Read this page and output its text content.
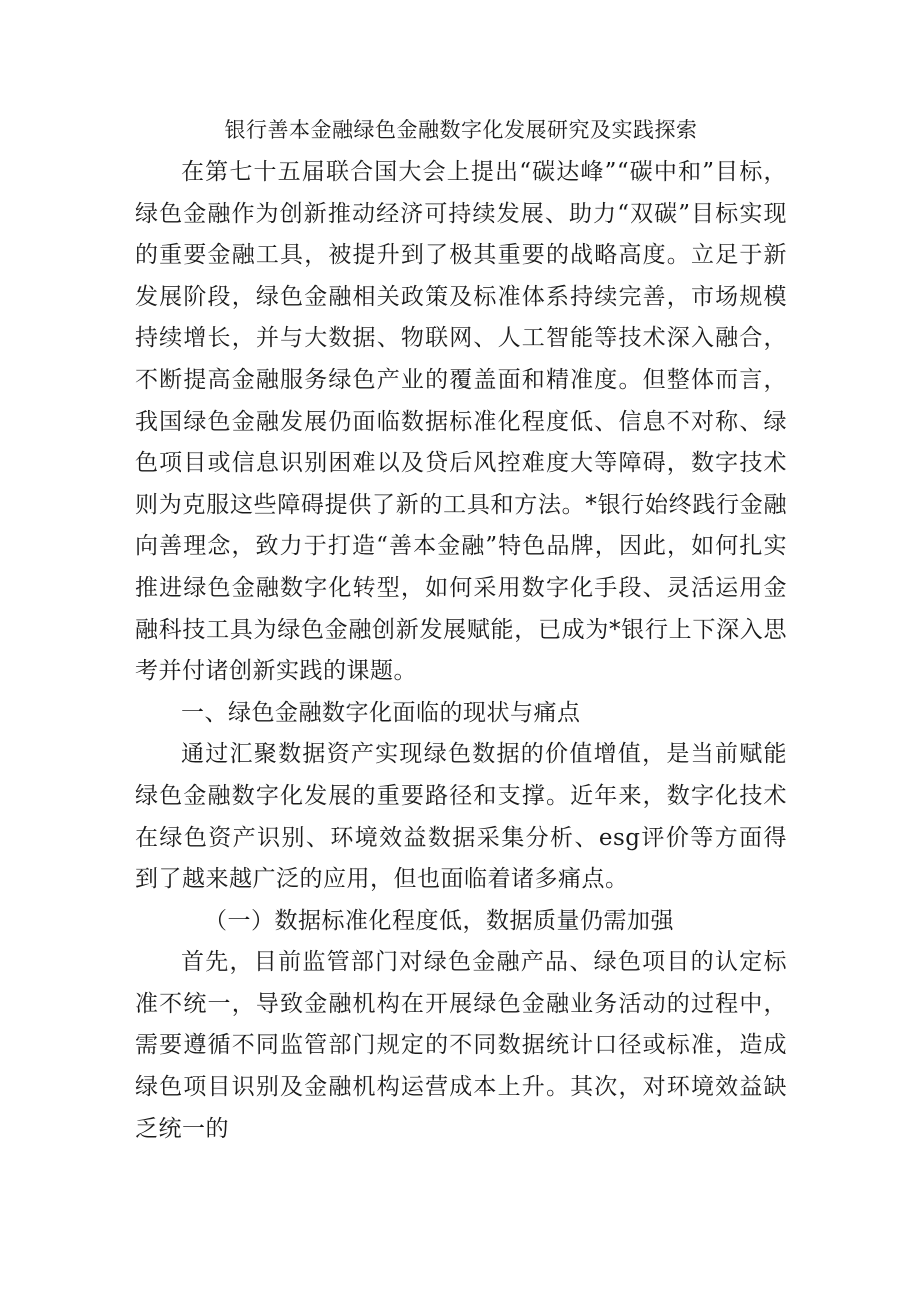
银行善本金融绿色金融数字化发展研究及实践探索

在第七十五届联合国大会上提出“碳达峰”“碳中和”目标，绿色金融作为创新推动经济可持续发展、助力“双碳”目标实现的重要金融工具，被提升到了极其重要的战略高度。立足于新发展阶段，绿色金融相关政策及标准体系持续完善，市场规模持续增长，并与大数据、物联网、人工智能等技术深入融合，不断提高金融服务绿色产业的覆盖面和精准度。但整体而言，我国绿色金融发展仍面临数据标准化程度低、信息不对称、绿色项目或信息识别困难以及贷后风控难度大等障碍，数字技术则为克服这些障碍提供了新的工具和方法。*银行始终践行金融向善理念，致力于打造“善本金融”特色品牌，因此，如何扎实推进绿色金融数字化转型，如何采用数字化手段、灵活运用金融科技工具为绿色金融创新发展赋能，已成为*银行上下深入思考并付诸创新实践的课题。

一、绿色金融数字化面临的现状与痛点

通过汇聚数据资产实现绿色数据的价值增值，是当前赋能绿色金融数字化发展的重要路径和支撑。近年来，数字化技术在绿色资产识别、环境效益数据采集分析、esg评价等方面得到了越来越广泛的应用，但也面临着诸多痛点。

（一）数据标准化程度低，数据质量仍需加强

首先，目前监管部门对绿色金融产品、绿色项目的认定标准不统一，导致金融机构在开展绿色金融业务活动的过程中，需要遵循不同监管部门规定的不同数据统计口径或标准，造成绿色项目识别及金融机构运营成本上升。其次，对环境效益缺乏统一的
